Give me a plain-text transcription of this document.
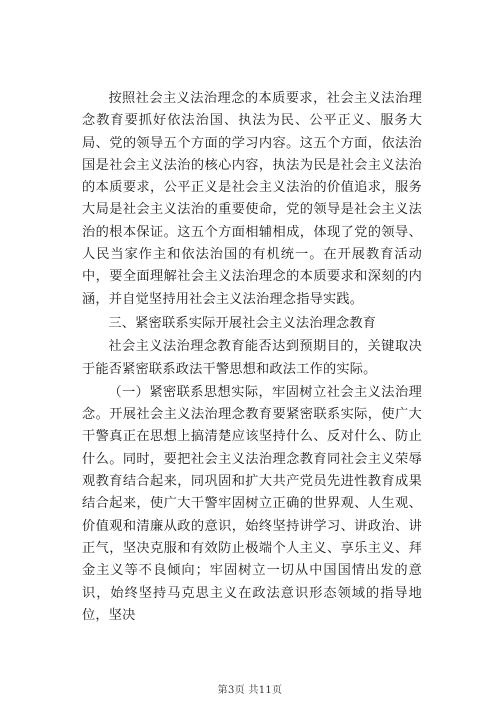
按照社会主义法治理念的本质要求，社会主义法治理念教育要抓好依法治国、执法为民、公平正义、服务大局、党的领导五个方面的学习内容。这五个方面，依法治国是社会主义法治的核心内容，执法为民是社会主义法治的本质要求，公平正义是社会主义法治的价值追求，服务大局是社会主义法治的重要使命，党的领导是社会主义法治的根本保证。这五个方面相辅相成，体现了党的领导、人民当家作主和依法治国的有机统一。在开展教育活动中，要全面理解社会主义法治理念的本质要求和深刻的内涵，并自觉坚持用社会主义法治理念指导实践。

三、紧密联系实际开展社会主义法治理念教育

社会主义法治理念教育能否达到预期目的，关键取决于能否紧密联系政法干警思想和政法工作的实际。

（一）紧密联系思想实际，牢固树立社会主义法治理念。开展社会主义法治理念教育要紧密联系实际，使广大干警真正在思想上搞清楚应该坚持什么、反对什么、防止什么。同时，要把社会主义法治理念教育同社会主义荣辱观教育结合起来，同巩固和扩大共产党员先进性教育成果结合起来，使广大干警牢固树立正确的世界观、人生观、价值观和清廉从政的意识，始终坚持讲学习、讲政治、讲正气，坚决克服和有效防止极端个人主义、享乐主义、拜金主义等不良倾向；牢固树立一切从中国国情出发的意识，始终坚持马克思主义在政法意识形态领域的指导地位，坚决

第3页 共11页
